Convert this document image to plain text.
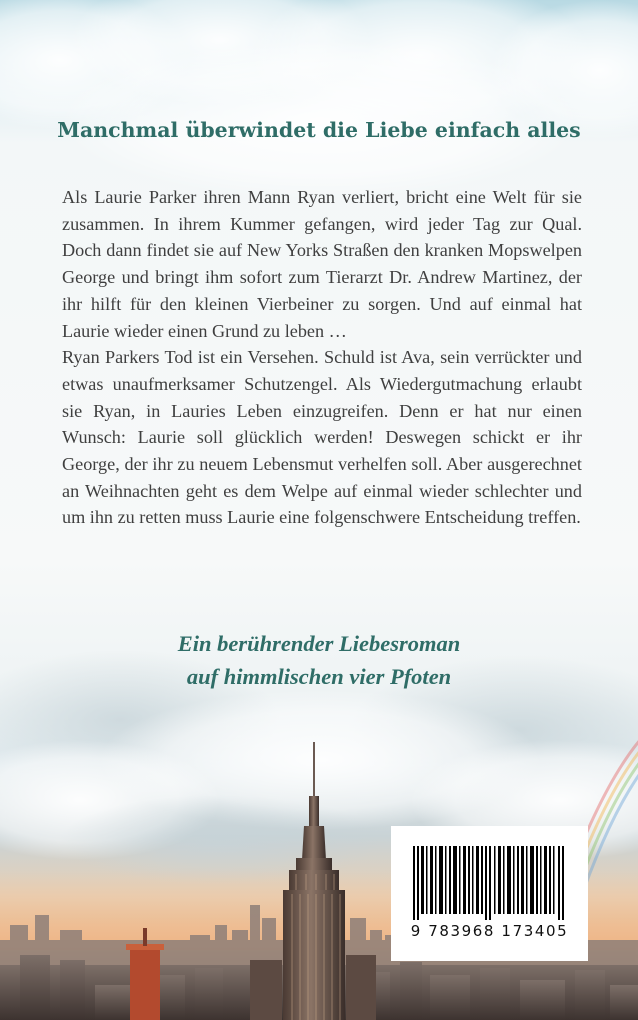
Manchmal überwindet die Liebe einfach alles

Als Laurie Parker ihren Mann Ryan verliert, bricht eine Welt für sie zusammen. In ihrem Kummer gefangen, wird jeder Tag zur Qual. Doch dann findet sie auf New Yorks Straßen den kranken Mopswelpen George und bringt ihm sofort zum Tierarzt Dr. Andrew Martinez, der ihr hilft für den kleinen Vierbeiner zu sorgen. Und auf einmal hat Laurie wieder einen Grund zu leben …

Ryan Parkers Tod ist ein Versehen. Schuld ist Ava, sein verrückter und etwas unaufmerksamer Schutzengel. Als Wiedergutmachung erlaubt sie Ryan, in Lauries Leben einzugreifen. Denn er hat nur einen Wunsch: Laurie soll glücklich werden! Deswegen schickt er ihr George, der ihr zu neuem Lebensmut verhelfen soll. Aber ausgerechnet an Weihnachten geht es dem Welpe auf einmal wieder schlechter und um ihn zu retten muss Laurie eine folgenschwere Entscheidung treffen.

Ein berührender Liebesroman
auf himmlischen vier Pfoten
9 783968 173405
